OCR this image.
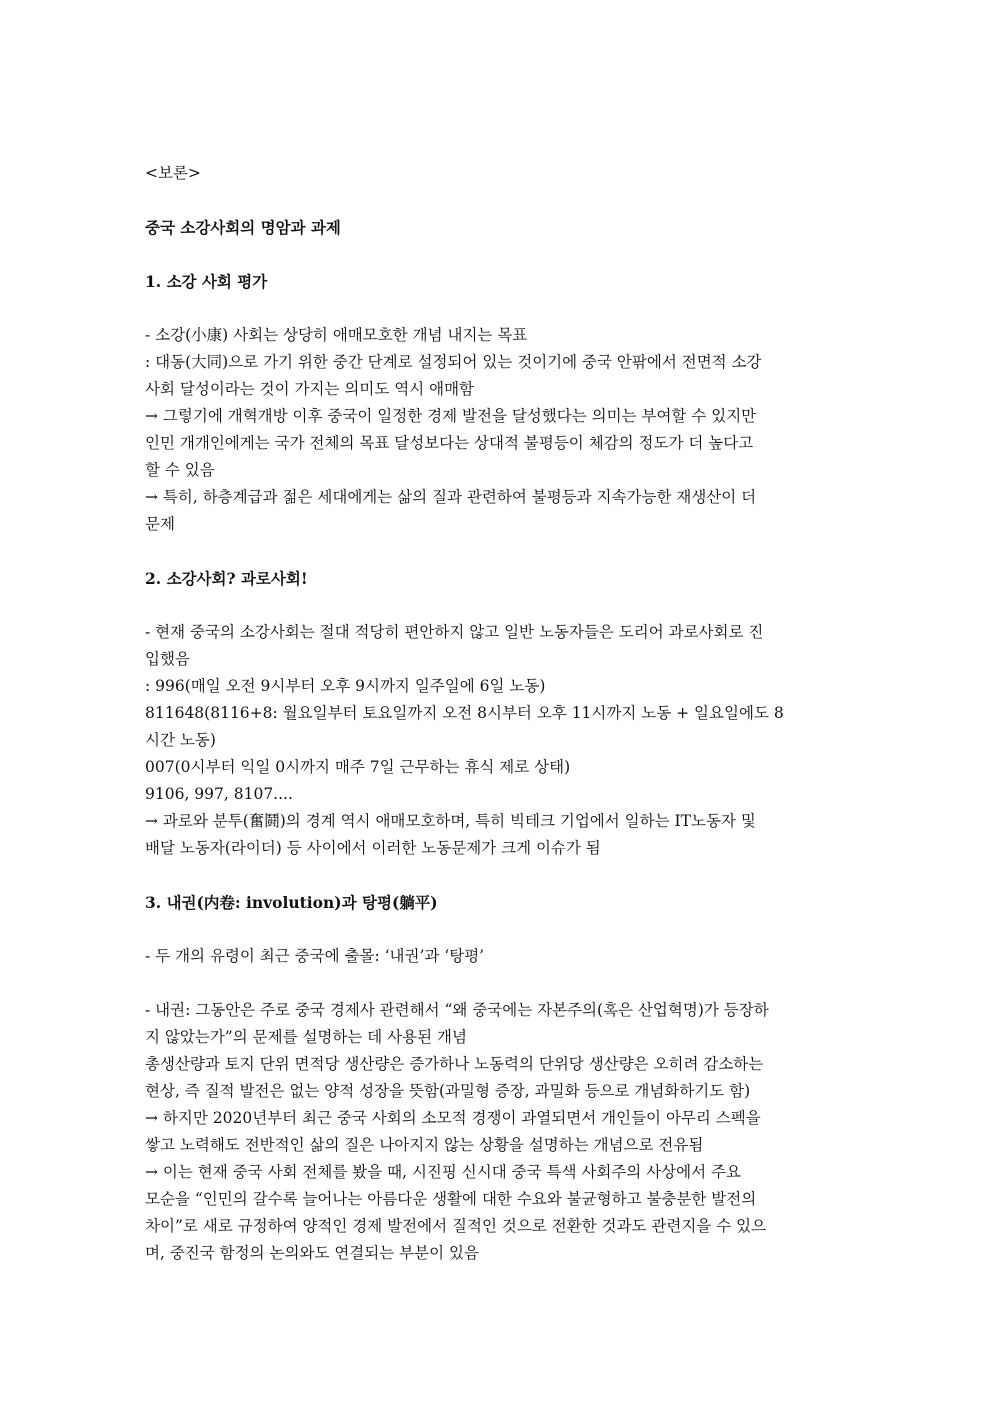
<보론>
중국 소강사회의 명암과 과제
1. 소강 사회 평가
- 소강(小康) 사회는 상당히 애매모호한 개념 내지는 목표
: 대동(大同)으로 가기 위한 중간 단계로 설정되어 있는 것이기에 중국 안팎에서 전면적 소강
사회 달성이라는 것이 가지는 의미도 역시 애매함
→ 그렇기에 개혁개방 이후 중국이 일정한 경제 발전을 달성했다는 의미는 부여할 수 있지만
인민 개개인에게는 국가 전체의 목표 달성보다는 상대적 불평등이 체감의 정도가 더 높다고
할 수 있음
→ 특히, 하층계급과 젊은 세대에게는 삶의 질과 관련하여 불평등과 지속가능한 재생산이 더
문제
2. 소강사회? 과로사회!
- 현재 중국의 소강사회는 절대 적당히 편안하지 않고 일반 노동자들은 도리어 과로사회로 진
입했음
: 996(매일 오전 9시부터 오후 9시까지 일주일에 6일 노동)
811648(8116+8: 월요일부터 토요일까지 오전 8시부터 오후 11시까지 노동 + 일요일에도 8
시간 노동)
007(0시부터 익일 0시까지 매주 7일 근무하는 휴식 제로 상태)
9106, 997, 8107....
→ 과로와 분투(奮鬪)의 경계 역시 애매모호하며, 특히 빅테크 기업에서 일하는 IT노동자 및
배달 노동자(라이더) 등 사이에서 이러한 노동문제가 크게 이슈가 됨
3. 내권(内卷: involution)과 탕평(躺平)
- 두 개의 유령이 최근 중국에 출몰: ‘내권’과 ‘탕평’
- 내권: 그동안은 주로 중국 경제사 관련해서 “왜 중국에는 자본주의(혹은 산업혁명)가 등장하
지 않았는가”의 문제를 설명하는 데 사용된 개념
총생산량과 토지 단위 면적당 생산량은 증가하나 노동력의 단위당 생산량은 오히려 감소하는
현상, 즉 질적 발전은 없는 양적 성장을 뜻함(과밀형 증장, 과밀화 등으로 개념화하기도 함)
→ 하지만 2020년부터 최근 중국 사회의 소모적 경쟁이 과열되면서 개인들이 아무리 스펙을
쌓고 노력해도 전반적인 삶의 질은 나아지지 않는 상황을 설명하는 개념으로 전유됨
→ 이는 현재 중국 사회 전체를 봤을 때, 시진핑 신시대 중국 특색 사회주의 사상에서 주요
모순을 “인민의 갈수록 늘어나는 아름다운 생활에 대한 수요와 불균형하고 불충분한 발전의
차이”로 새로 규정하여 양적인 경제 발전에서 질적인 것으로 전환한 것과도 관련지을 수 있으
며, 중진국 함정의 논의와도 연결되는 부분이 있음
